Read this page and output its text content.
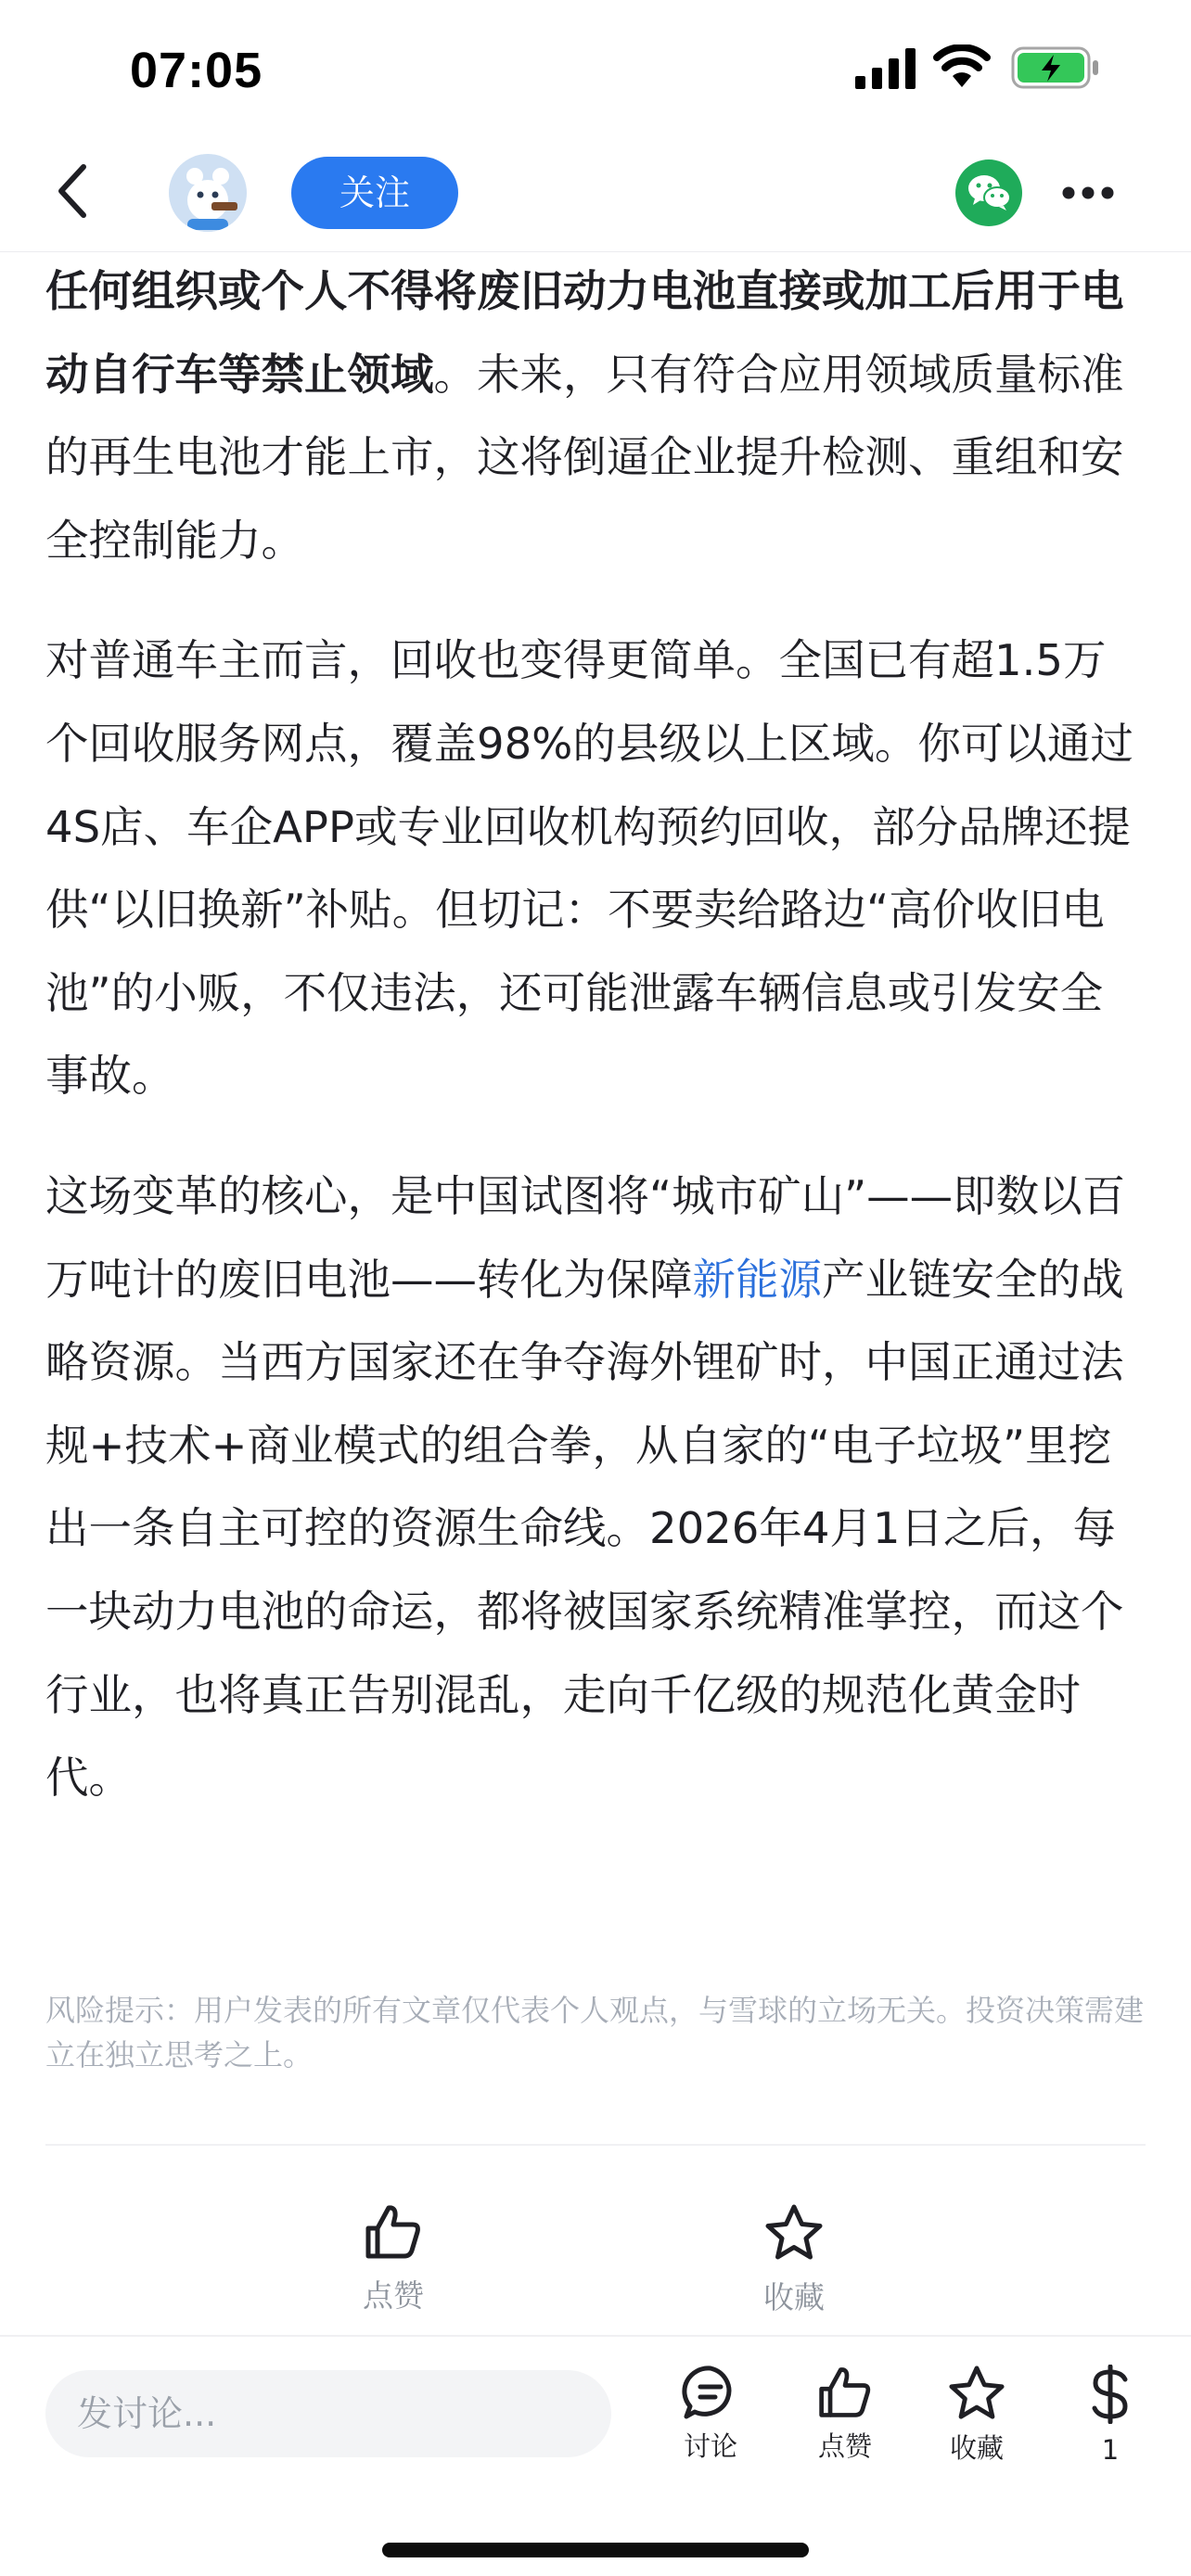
07:05
关注

任何组织或个人不得将废旧动力电池直接或加工后用于电动自行车等禁止领域。未来，只有符合应用领域质量标准的再生电池才能上市，这将倒逼企业提升检测、重组和安全控制能力。

对普通车主而言，回收也变得更简单。全国已有超1.5万个回收服务网点，覆盖98%的县级以上区域。你可以通过4S店、车企APP或专业回收机构预约回收，部分品牌还提供“以旧换新”补贴。但切记：不要卖给路边“高价收旧电池”的小贩，不仅违法，还可能泄露车辆信息或引发安全事故。

这场变革的核心，是中国试图将“城市矿山”——即数以百万吨计的废旧电池——转化为保障新能源产业链安全的战略资源。当西方国家还在争夺海外锂矿时，中国正通过法规+技术+商业模式的组合拳，从自家的“电子垃圾”里挖出一条自主可控的资源生命线。2026年4月1日之后，每一块动力电池的命运，都将被国家系统精准掌控，而这个行业，也将真正告别混乱，走向千亿级的规范化黄金时代。

风险提示：用户发表的所有文章仅代表个人观点，与雪球的立场无关。投资决策需建立在独立思考之上。
点赞	收藏
发讨论...
讨论	点赞	收藏	1
